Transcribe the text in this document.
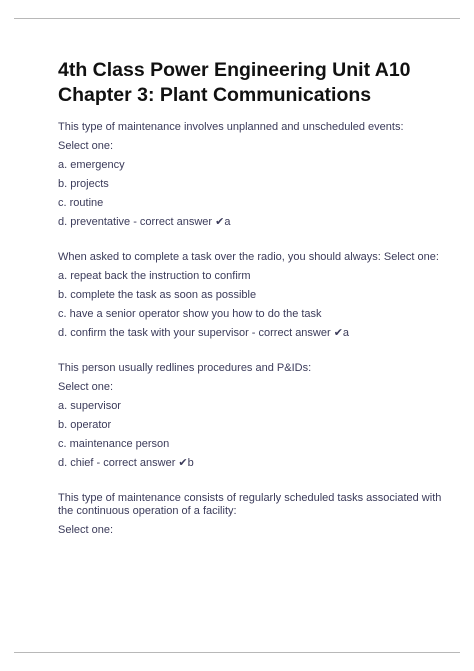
4th Class Power Engineering Unit A10 Chapter 3: Plant Communications

This type of maintenance involves unplanned and unscheduled events:

Select one:

a. emergency

b. projects

c. routine

d. preventative - correct answer ✔a

When asked to complete a task over the radio, you should always: Select one:

a. repeat back the instruction to confirm

b. complete the task as soon as possible

c. have a senior operator show you how to do the task

d. confirm the task with your supervisor - correct answer ✔a

This person usually redlines procedures and P&IDs:

Select one:

a. supervisor

b. operator

c. maintenance person

d. chief - correct answer ✔b

This type of maintenance consists of regularly scheduled tasks associated with the continuous operation of a facility:

Select one:
